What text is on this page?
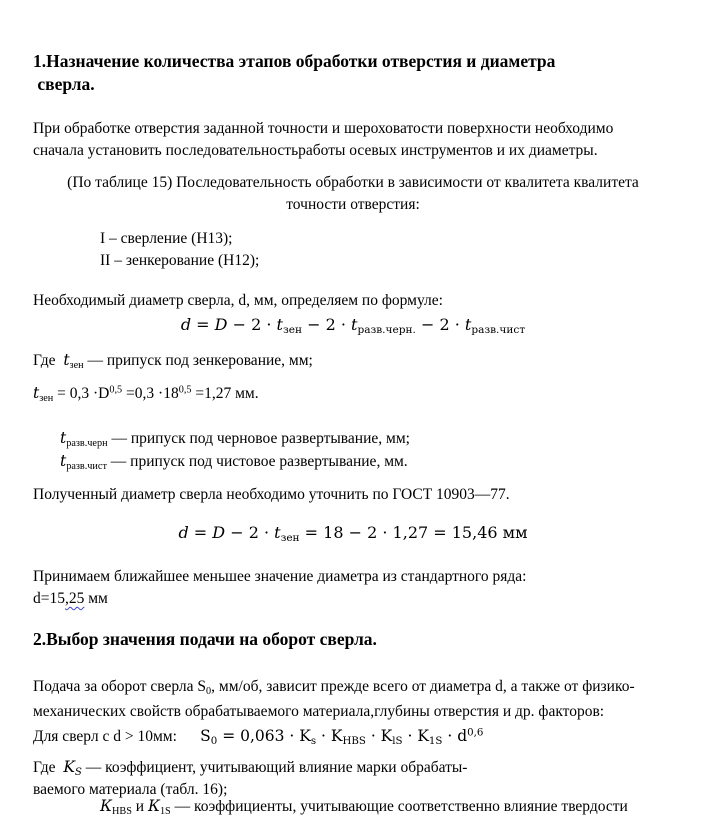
1.Назначение количества этапов обработки отверстия и диаметра
сверла.
При обработке отверстия заданной точности и шероховатости поверхности необходимо
сначала установить последовательностьработы осевых инструментов и их диаметры.
(По таблице 15) Последовательность обработки в зависимости от квалитета квалитета
точности отверстия:
I – сверление (H13);
II – зенкерование (H12);
Необходимый диаметр сверла, d, мм, определяем по формуле:
$d = D - 2 \cdot t_{зен} - 2 \cdot t_{разв.черн.} - 2 \cdot t_{разв.чист}$
Где  $t_{зен}$ — припуск под зенкерование, мм;
$t_{зен} = 0,3 \cdot D^{0,5} =0,3 \cdot 18^{0,5} =1,27$ мм.
$t_{разв.черн}$ — припуск под черновое развертывание, мм;
$t_{разв.чист}$ — припуск под чистовое развертывание, мм.
Полученный диаметр сверла необходимо уточнить по ГОСТ 10903—77.
$d = D - 2 \cdot t_{зен} = 18 - 2 \cdot 1,27 = 15,46$ мм
Принимаем ближайшее меньшее значение диаметра из стандартного ряда:
d=15,25 мм
2.Выбор значения подачи на оборот сверла.
Подача за оборот сверла $S_0$, мм/об, зависит прежде всего от диаметра d, а также от физико-
механических свойств обрабатываемого материала,глубины отверстия и др. факторов:
Для сверл с d > 10мм:      $S_0 = 0,063 \cdot K_s \cdot K_{HBS} \cdot K_{lS} \cdot K_{1S} \cdot d^{0,6}$
Где  $K_S$ — коэффициент, учитывающий влияние марки обрабаты-
ваемого материала (табл. 16);
$К_{HBS}$ и $К_{1S}$ — коэффициенты, учитывающие соответственно влияние твердости
